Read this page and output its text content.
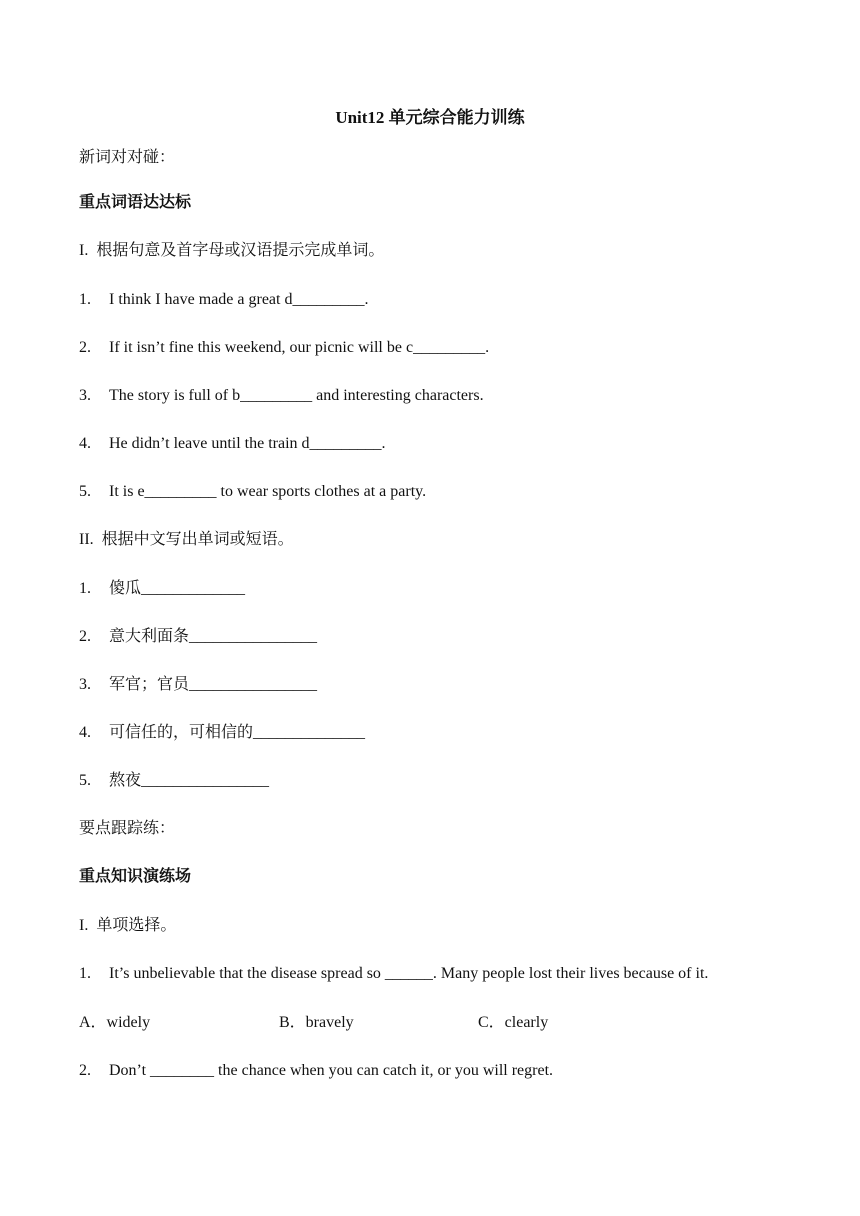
Unit12 单元综合能力训练
新词对对碰：
重点词语达达标
I.  根据句意及首字母或汉语提示完成单词。
1. I think I have made a great d_________.
2. If it isn’t fine this weekend, our picnic will be c_________.
3. The story is full of b_________ and interesting characters.
4. He didn’t leave until the train d_________.
5. It is e_________ to wear sports clothes at a party.
II.  根据中文写出单词或短语。
1. 傻瓜_____________
2. 意大利面条________________
3. 军官；官员________________
4. 可信任的，可相信的______________
5. 熬夜________________
要点跟踪练：
重点知识演练场
I.  单项选择。
1. It’s unbelievable that the disease spread so ______. Many people lost their lives because of it.
A．widely	B．bravely	C．clearly
2. Don’t ________ the chance when you can catch it, or you will regret.
